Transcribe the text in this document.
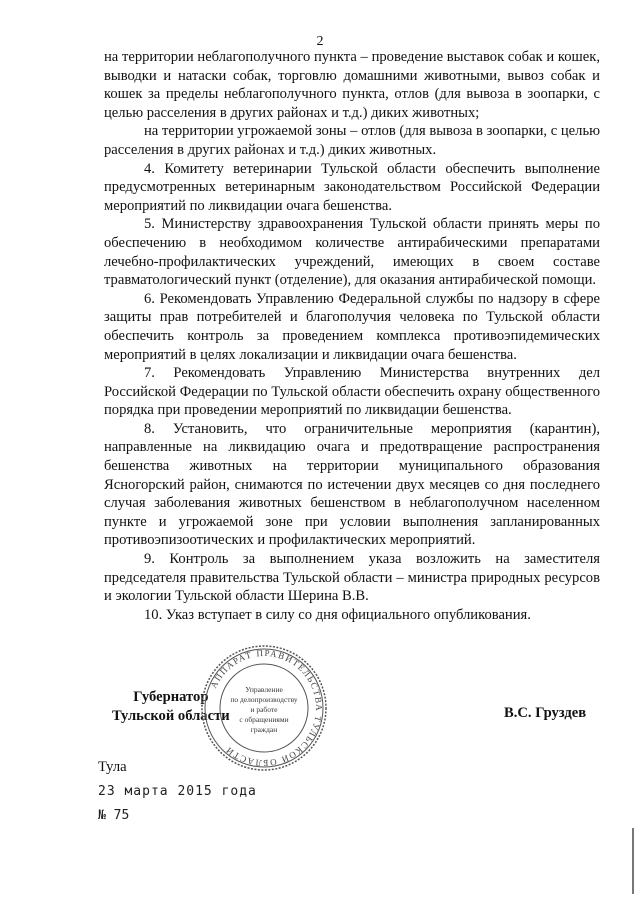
2

на территории неблагополучного пункта – проведение выставок собак и кошек, выводки и натаски собак, торговлю домашними животными, вывоз собак и кошек за пределы неблагополучного пункта, отлов (для вывоза в зоопарки, с целью расселения в других районах и т.д.) диких животных;

на территории угрожаемой зоны – отлов (для вывоза в зоопарки, с целью расселения в других районах и т.д.) диких животных.

4. Комитету ветеринарии Тульской области обеспечить выполнение предусмотренных ветеринарным законодательством Российской Федерации мероприятий по ликвидации очага бешенства.

5. Министерству здравоохранения Тульской области принять меры по обеспечению в необходимом количестве антирабическими препаратами лечебно-профилактических учреждений, имеющих в своем составе травматологический пункт (отделение), для оказания антирабической помощи.

6. Рекомендовать Управлению Федеральной службы по надзору в сфере защиты прав потребителей и благополучия человека по Тульской области обеспечить контроль за проведением комплекса противоэпидемических мероприятий в целях локализации и ликвидации очага бешенства.

7. Рекомендовать Управлению Министерства внутренних дел Российской Федерации по Тульской области обеспечить охрану общественного порядка при проведении мероприятий по ликвидации бешенства.

8. Установить, что ограничительные мероприятия (карантин), направленные на ликвидацию очага и предотвращение распространения бешенства животных на территории муниципального образования Ясногорский район, снимаются по истечении двух месяцев со дня последнего случая заболевания животных бешенством в неблагополучном населенном пункте и угрожаемой зоне при условии выполнения запланированных противоэпизоотических и профилактических мероприятий.

9. Контроль за выполнением указа возложить на заместителя председателя правительства Тульской области – министра природных ресурсов и экологии Тульской области Шерина В.В.

10. Указ вступает в силу со дня официального опубликования.

Губернатор
Тульской области
АППАРАТ ПРАВИТЕЛЬСТВА ТУЛЬСКОЙ ОБЛАСТИ
Управление
по делопроизводству
и работе
с обращениями
граждан
В.С. Груздев
Тула
23 марта 2015 года
№ 75
